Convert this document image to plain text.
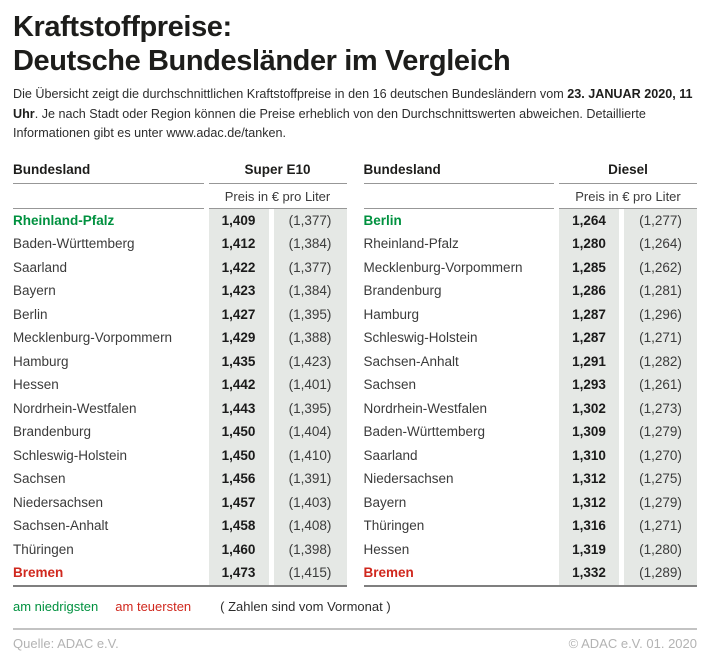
Kraftstoffpreise:
Deutsche Bundesländer im Vergleich

Die Übersicht zeigt die durchschnittlichen Kraftstoffpreise in den 16 deutschen Bundesländern vom 23. JANUAR 2020, 11 Uhr. Je nach Stadt oder Region können die Preise erheblich von den Durchschnittswerten abweichen. Detaillierte Informationen gibt es unter www.adac.de/tanken.

Bundesland	Super E10
Preis in € pro Liter
Rheinland-Pfalz	1,409	(1,377)
Baden-Württemberg	1,412	(1,384)
Saarland	1,422	(1,377)
Bayern	1,423	(1,384)
Berlin	1,427	(1,395)
Mecklenburg-Vorpommern	1,429	(1,388)
Hamburg	1,435	(1,423)
Hessen	1,442	(1,401)
Nordrhein-Westfalen	1,443	(1,395)
Brandenburg	1,450	(1,404)
Schleswig-Holstein	1,450	(1,410)
Sachsen	1,456	(1,391)
Niedersachsen	1,457	(1,403)
Sachsen-Anhalt	1,458	(1,408)
Thüringen	1,460	(1,398)
Bremen	1,473	(1,415)
Bundesland	Diesel
Preis in € pro Liter
Berlin	1,264	(1,277)
Rheinland-Pfalz	1,280	(1,264)
Mecklenburg-Vorpommern	1,285	(1,262)
Brandenburg	1,286	(1,281)
Hamburg	1,287	(1,296)
Schleswig-Holstein	1,287	(1,271)
Sachsen-Anhalt	1,291	(1,282)
Sachsen	1,293	(1,261)
Nordrhein-Westfalen	1,302	(1,273)
Baden-Württemberg	1,309	(1,279)
Saarland	1,310	(1,270)
Niedersachsen	1,312	(1,275)
Bayern	1,312	(1,279)
Thüringen	1,316	(1,271)
Hessen	1,319	(1,280)
Bremen	1,332	(1,289)
am niedrigsten am teuersten ( Zahlen sind vom Vormonat )
Quelle: ADAC e.V.	© ADAC e.V. 01. 2020
